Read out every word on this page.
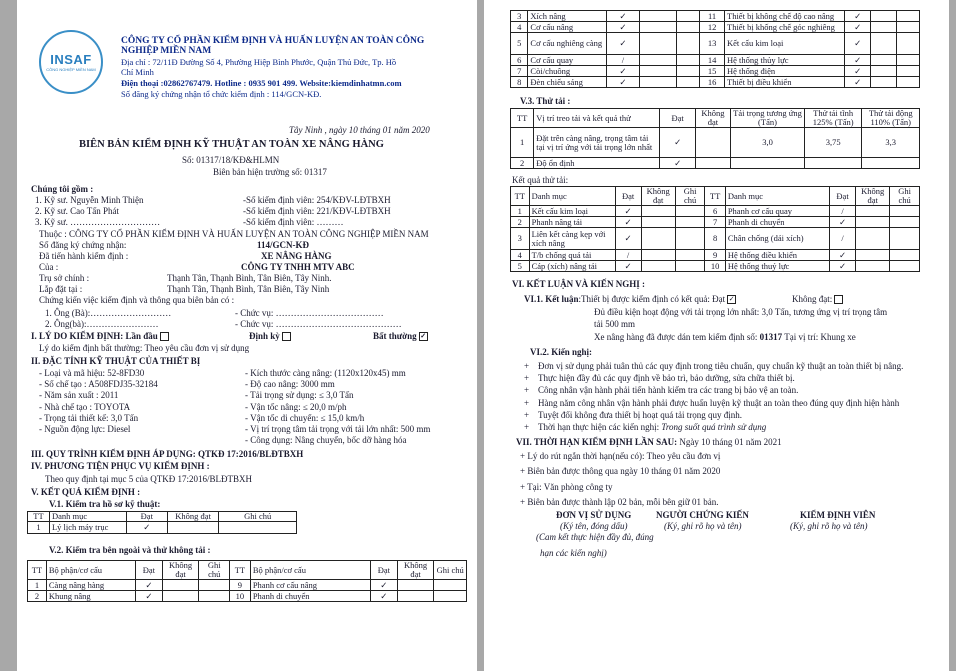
INSAF
CÔNG NGHIỆP MIỀN NAM
CÔNG TY CỔ PHẦN KIỂM ĐỊNH VÀ HUẤN LUYỆN AN TOÀN CÔNG
NGHIỆP MIỀN NAM
Địa chỉ : 72/11Đ Đường Số 4, Phường Hiệp Bình Phước, Quận Thủ Đức, Tp. Hồ
Chí Minh
Điện thoại :02862767479. Hotline : 0935 901 499. Website:kiemdinhatmn.com
Số đăng ký chứng nhận tổ chức kiểm định : 114/GCN-KĐ.
Tây Ninh , ngày 10 tháng 01 năm 2020
BIÊN BẢN KIỂM ĐỊNH KỸ THUẬT AN TOÀN XE NÂNG HÀNG
Số: 01317/18/KĐ&HLMN
Biên bản hiện trường số: 01317
Chúng tôi gồm :
1. Kỹ sư. Nguyễn Minh Thiện	-Số kiểm định viên: 254/KĐV-LĐTBXH
2. Kỹ sư. Cao Tấn Phát	-Số kiểm định viên: 221/KĐV-LĐTBXH
3. Kỹ sư. …………………………	-Số kiểm định viên: ………
Thuộc : CÔNG TY CỔ PHẦN KIỂM ĐỊNH VÀ HUẤN LUYỆN AN TOÀN CÔNG NGHIỆP MIỀN NAM
Số đăng ký chứng nhận:	114/GCN-KĐ
Đã tiến hành kiểm định :	XE NÂNG HÀNG
Của :	CÔNG TY TNHH MTV ABC
Trụ sở chính :	Thạnh Tân, Thạnh Bình, Tân Biên, Tây Ninh.
Lắp đặt tại :	Thạnh Tân, Thạnh Bình, Tân Biên, Tây Ninh
Chứng kiến việc kiểm định và thông qua biên bản có :
1. Ông (Bà):………………………	- Chức vụ: ………………………………
2. Ông(bà):……………………	- Chức vụ: ……………………………………
I. LÝ DO KIỂM ĐỊNH: Lần đầu	Định kỳ	Bất thường ✓
Lý do kiểm định bất thường: Theo yêu cầu đơn vị sử dụng
II. ĐẶC TÍNH KỸ THUẬT CỦA THIẾT BỊ
- Loại và mã hiệu: 52-8FD30	- Kích thước càng nâng: (1120x120x45) mm
- Số chế tạo : A508FDJ35-32184	- Độ cao nâng: 3000 mm
- Năm sản xuất : 2011	- Tải trọng sử dụng: ≤ 3,0 Tấn
- Nhà chế tạo : TOYOTA	- Vận tốc nâng: ≤ 20,0 m/ph
- Trọng tải thiết kế: 3,0 Tấn	- Vận tốc di chuyển: ≤ 15,0 km/h
- Nguồn động lực: Diesel	- Vị trí trọng tâm tải trọng với tải lớn nhất: 500 mm
- Công dụng: Nâng chuyển, bốc dỡ hàng hóa
III. QUY TRÌNH KIỂM ĐỊNH ÁP DỤNG: QTKĐ 17:2016/BLĐTBXH
IV. PHƯƠNG TIỆN PHỤC VỤ KIỂM ĐỊNH :
Theo quy định tại mục 5 của QTKĐ 17:2016/BLĐTBXH
V. KẾT QUẢ KIỂM ĐỊNH :
V.1. Kiểm tra hồ sơ kỹ thuật:
TT	Danh mục	Đạt	Không đạt	Ghi chú
1	Lý lịch máy trục	✓		
V.2. Kiểm tra bên ngoài và thử không tải :
TT	Bộ phận/cơ cấu	Đạt	Không đạt	Ghi chú	TT	Bộ phận/cơ cấu	Đạt	Không đạt	Ghi chú
1	Càng nâng hàng	✓			9	Phanh cơ cấu nâng	✓		
2	Khung nâng	✓			10	Phanh di chuyển	✓		
3	Xích nâng	✓			11	Thiết bị không chế độ cao nâng	✓		
4	Cơ cấu nâng	✓			12	Thiết bị khống chế góc nghiêng	✓		
5	Cơ cấu nghiêng càng	✓			13	Kết cấu kim loại	✓		
6	Cơ cấu quay	/			14	Hệ thống thủy lực	✓		
7	Còi/chuông	✓			15	Hệ thống điện	✓		
8	Đèn chiếu sáng	✓			16	Thiết bị điều khiển	✓		
V.3. Thử tải :
TT	Vị trí treo tải và kết quả thử	Đạt	Không đạt	Tải trọng tương ứng (Tấn)	Thử tải tĩnh 125% (Tấn)	Thử tải động 110% (Tấn)
1	Đặt trên càng nâng, trọng tâm tải tại vị trí ứng với tải trọng lớn nhất	✓		3,0	3,75	3,3
2	Độ ổn định	✓				
Kết quả thử tải:
TT	Danh mục	Đạt	Không đạt	Ghi chú	TT	Danh mục	Đạt	Không đạt	Ghi chú
1	Kết cấu kim loại	✓			6	Phanh cơ cấu quay	/		
2	Phanh nâng tải	✓			7	Phanh di chuyển	✓		
3	Liên kết càng kẹp với xích nâng	✓			8	Chân chống (dải xích)	/		
4	T/b chống quá tải	/			9	Hệ thống điều khiển	✓		
5	Cáp (xích) nâng tải	✓			10	Hệ thống thuỷ lực	✓		
VI. KẾT LUẬN VÀ KIẾN NGHỊ :
VI.1. Kết luận:Thiết bị được kiểm định có kết quả: Đạt ✓	Không đạt:
Đủ điều kiện hoạt động với tải trọng lớn nhất: 3,0 Tấn, tương ứng vị trí trọng tâm
tải 500 mm
Xe nâng hàng đã được dán tem kiểm định số: 01317 Tại vị trí: Khung xe
VI.2. Kiến nghị:
+ Đơn vị sử dụng phải tuân thủ các quy định trong tiêu chuẩn, quy chuẩn kỹ thuật an toàn thiết bị nâng.
+ Thực hiện đầy đủ các quy định về bảo trì, bảo dưỡng, sửa chữa thiết bị.
+ Công nhân vận hành phải tiến hành kiểm tra các trang bị bảo vệ an toàn.
+ Hàng năm công nhân vận hành phải được huấn luyện kỹ thuật an toàn theo đúng quy định hiện hành
+ Tuyệt đối không đưa thiết bị hoạt quá tải trọng quy định.
+ Thời hạn thực hiện các kiến nghị: Trong suốt quá trình sử dụng
VII. THỜI HẠN KIỂM ĐỊNH LẦN SAU: Ngày 10 tháng 01 năm 2021
+ Lý do rút ngắn thời hạn(nếu có): Theo yêu cầu đơn vị
+ Biên bản được thông qua ngày 10 tháng 01 năm 2020
+ Tại: Văn phòng công ty
+ Biên bản được thành lập 02 bản, mỗi bên giữ 01 bản.
ĐƠN VỊ SỬ DỤNG
(Ký tên, đóng dấu)
(Cam kết thực hiện đầy đủ, đúng
hạn các kiến nghị)
NGƯỜI CHỨNG KIẾN
(Ký, ghi rõ họ và tên)
KIỂM ĐỊNH VIÊN
(Ký, ghi rõ họ và tên)
